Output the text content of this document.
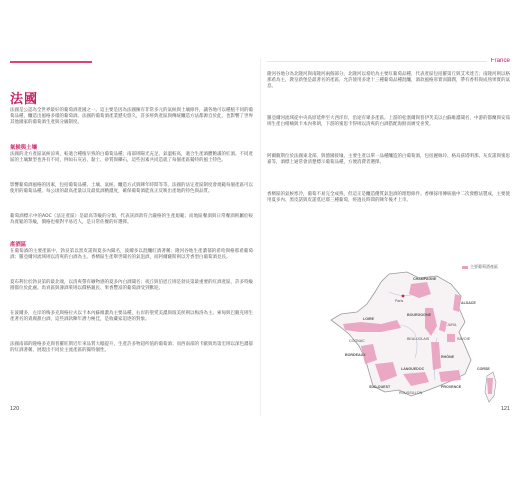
法國
法國是公認為全世界最好的葡萄酒產國之一。這主要是因為法國擁有非常多元的氣候與土壤條件，讓各地可以種植不同的葡萄品種，釀造出風格多樣的葡萄酒。法國的葡萄酒產業歷史悠久，許多經典產區與傳統釀造方法都源自於此，也影響了世界其他國家的葡萄酒生產與分級制度。
氣候與土壤
法國的北方產區氣候涼爽，較適合種植早熟的白葡萄品種；南部則陽光充足、氣溫較高，適合生產酒體飽滿的紅酒。不同產區的土壤類型也各有不同，例如石灰岩、黏土、砂質與礫石，這些因素共同造就了每個產區獨特的風土特色。
影響葡萄酒風格的因素，包括葡萄品種、土壤、氣候、釀造方式與陳年時間等等。法國的法定產區制度會規範每個產區可以使用的葡萄品種、每公頃的最高產量以及最低酒精濃度，確保葡萄酒能真正反映出產地的特色與品質。
葡萄酒標示中的AOC（法定產區）是最高等級的分類，代表該酒款符合嚴格的生產規範；而地區餐酒與日常餐酒則屬於較為寬鬆的等級，價格也相對平易近人，是日常佐餐的好選擇。
產酒區
在葡萄酒的主要產區中，勃艮第以黑皮諾與夏多內聞名，波爾多以混釀紅酒著稱；隆河谷地生產濃郁的希哈與格那希葡萄酒；羅亞爾河流域則以清爽的白酒為主。香檳區生產舉世聞名的氣泡酒，而阿爾薩斯則以芳香型白葡萄酒見長。
夏布利位於勃艮第的最北端，以清爽帶有礦物感的夏多內白酒聞名；夜丘與伯恩丘則是勃艮第最重要的紅酒產區，許多特級園都位於此處。馬貢區與薄酒萊則以價格親民、果香豐富的葡萄酒受到歡迎。
在波爾多，左岸的梅多克與格拉夫以卡本內蘇維濃為主要品種，右岸的聖愛美濃與玻美侯則以梅洛為主。索甸與巴薩克則生產著名的貴腐甜白酒，這些酒款陳年潛力極佳，是收藏家追逐的對象。
法國南部的隆格多克與普羅旺斯近年來品質大幅提升，生產許多物超所值的葡萄酒；而西南部的卡歐與馬第宏則以深色濃郁的紅酒著稱，展現出不同於主流產區的獨特個性。
120
France
隆河谷地分為北隆河與南隆河兩個部分。北隆河以希哈為主要紅葡萄品種，代表產區包括羅第丘與艾米達吉；南隆河則以格那希為主，教皇新堡是最著名的產區，允許使用多達十三種葡萄品種混釀，酒款風格厚實而圓潤，帶有香料與成熟果實的氣息。
羅亞爾河流域從中央高原延伸至大西洋岸，沿途有眾多產區。上游的松塞爾與普伊芙美以白蘇維濃聞名，中游的都蘭與安茹則生產白梢楠與卡本內弗朗，下游的蜜思卡得則以清爽的白酒搭配海鮮而廣受喜愛。
阿爾薩斯位於法國東北部，與德國接壤，主要生產以單一品種釀造的白葡萄酒，包括麗絲玲、格烏茲塔明那、灰皮諾與蜜思嘉等，酒標上通常會清楚標示葡萄品種，方便消費者選擇。
香檳區的氣候寒冷，葡萄不易完全成熟，但這正是釀造優質氣泡酒的理想條件。香檳採用傳統瓶中二次發酵法製成，主要使用夏多內、黑皮諾與皮諾莫尼耶三種葡萄，經過長時間的陳年後才上市。
主要葡萄酒產區
Paris
CHAMPAGNE
ALSACE
LOIRE
BOURGOGNE
JURA
SAVOIE
BEAUJOLAIS
COGNAC
BORDEAUX	RHÔNE
SUD-OUEST
LANGUEDOC
ROUSSILLON
PROVENCE
CORSE
121
